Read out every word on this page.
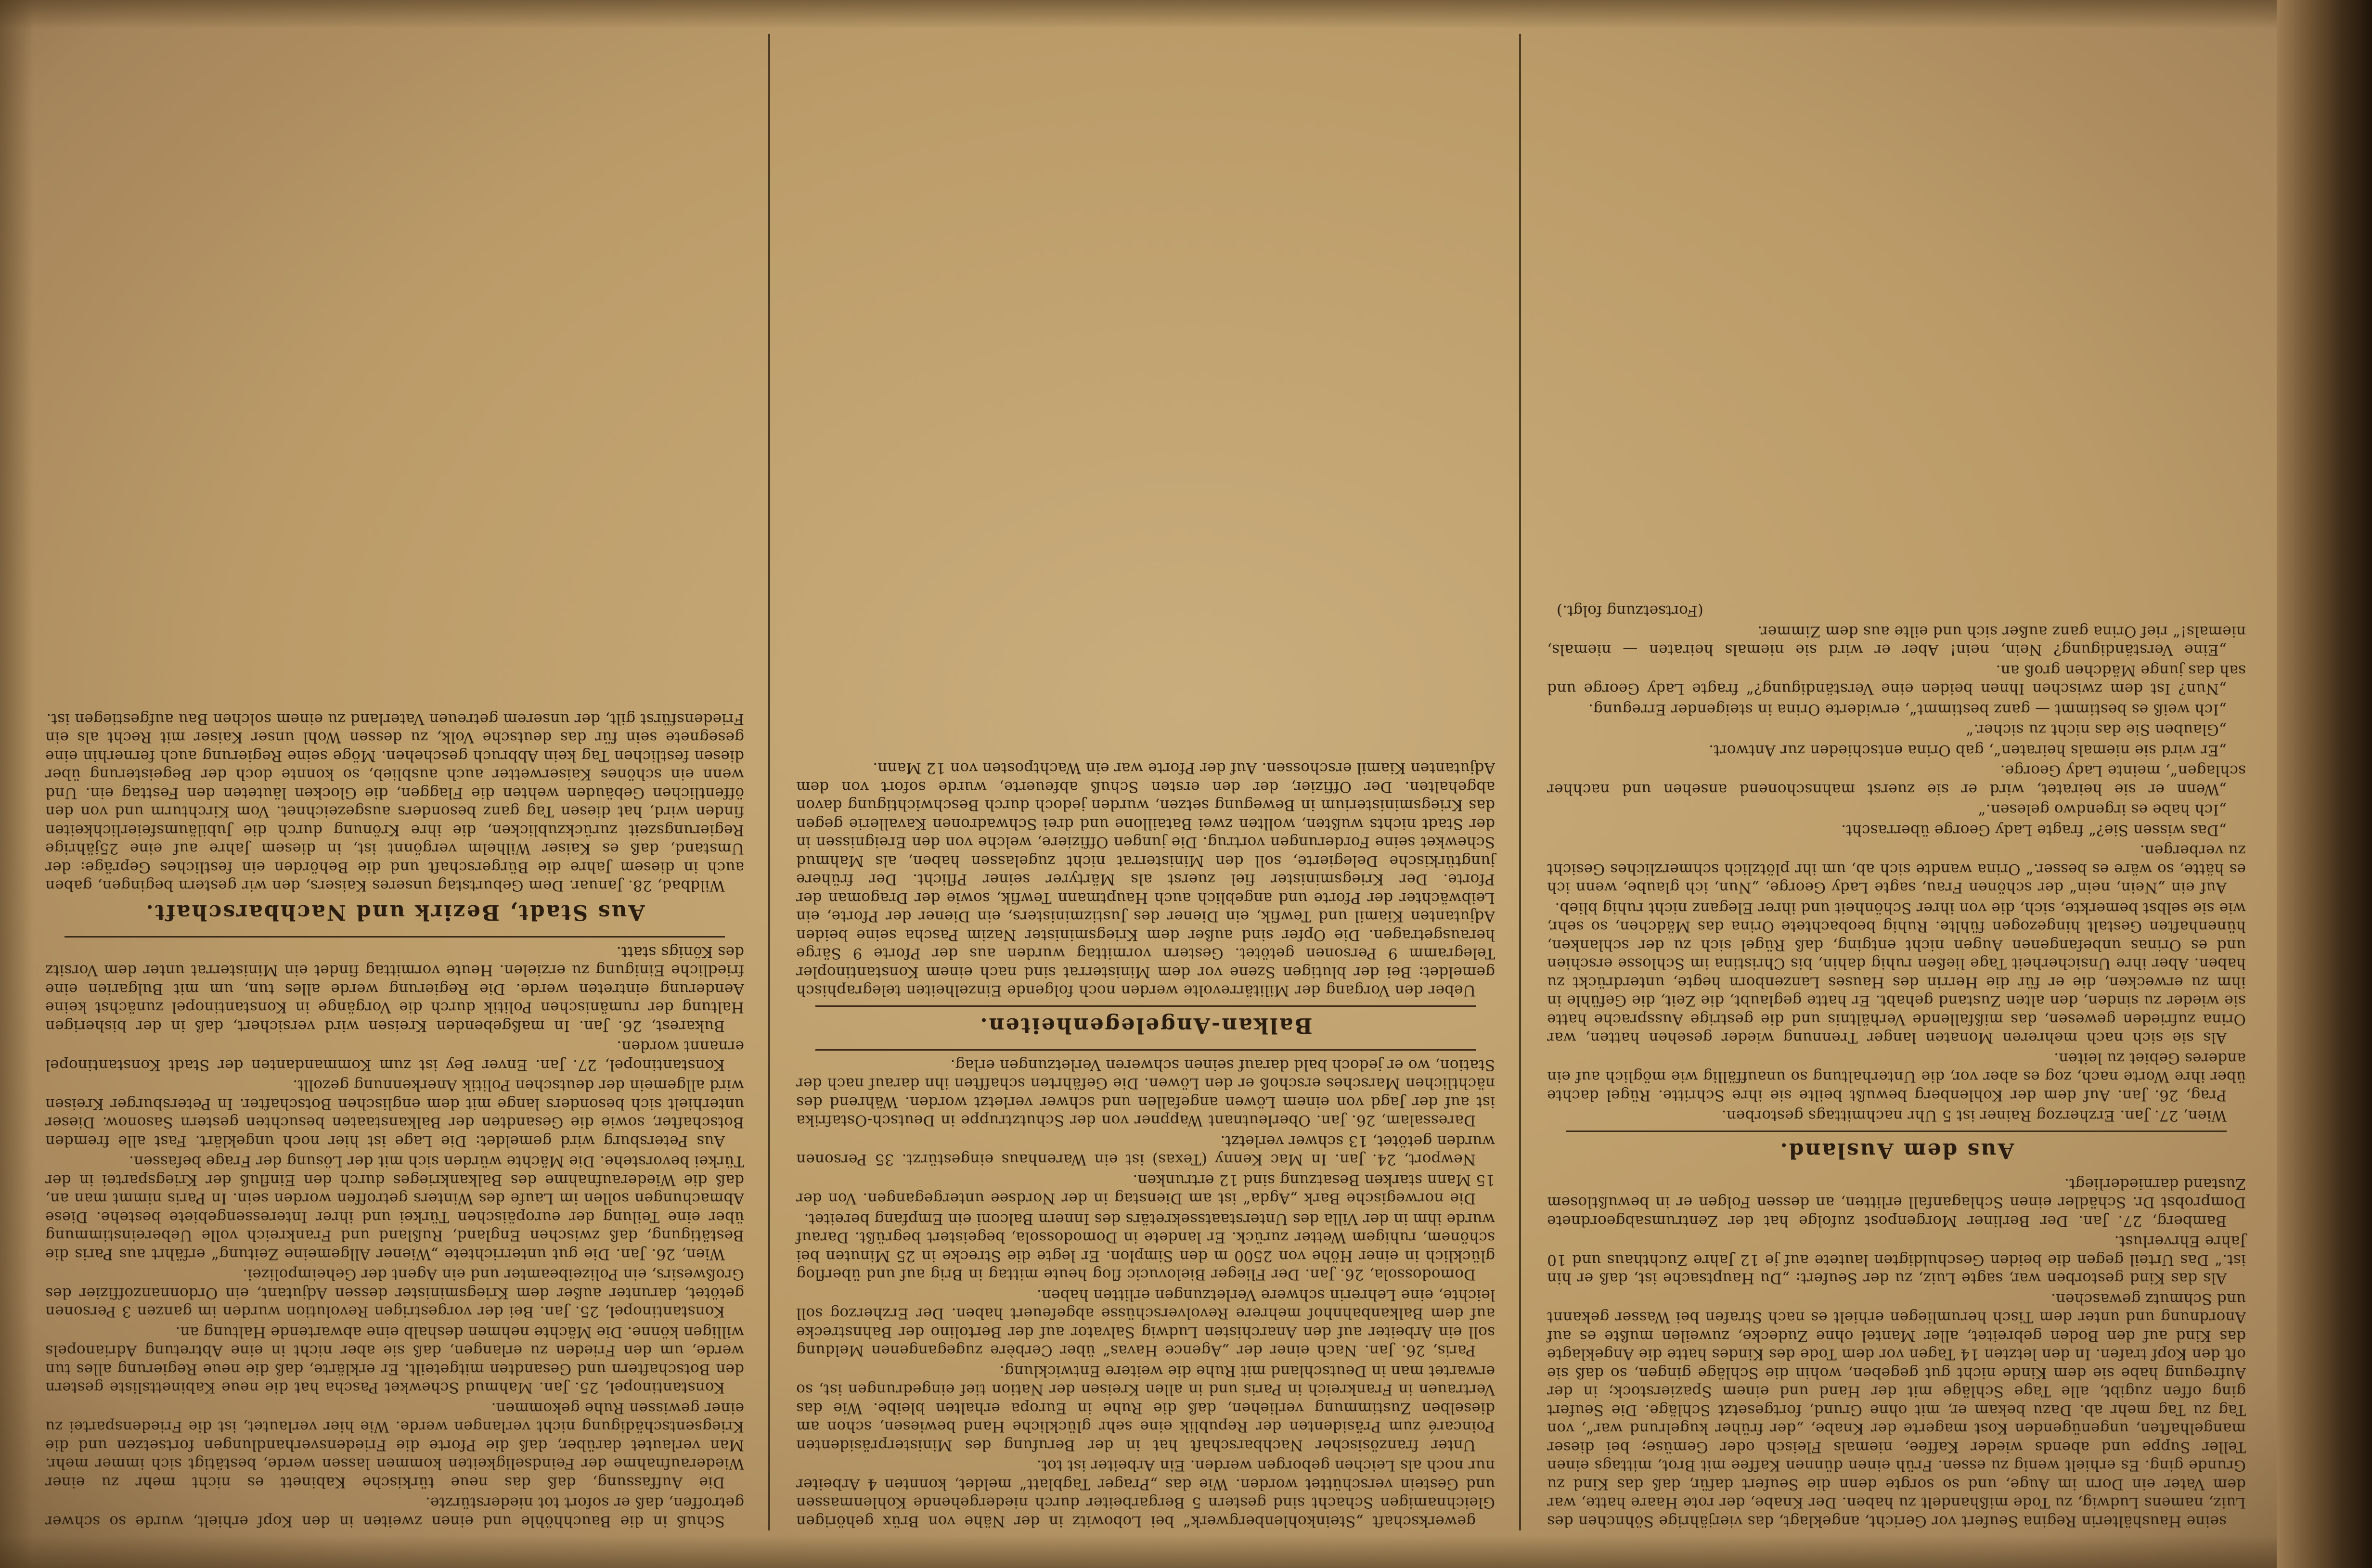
seine Haushälterin Regina Seufert vor Gericht, angeklagt, das vierjährige Söhnchen des Luiz, namens Ludwig, zu Tode mißhandelt zu haben. Der Knabe, der rote Haare hatte, war dem Vater ein Dorn im Auge, und so sorgte denn die Seufert dafür, daß das Kind zu Grunde ging. Es erhielt wenig zu essen. Früh einen dünnen Kaffee mit Brot, mittags einen Teller Suppe und abends wieder Kaffee, niemals Fleisch oder Gemüse; bei dieser mangelhaften, ungenügenden Kost magerte der Knabe, „der früher kugelrund war“, von Tag zu Tag mehr ab. Dazu bekam er, mit ohne Grund, fortgesetzt Schläge. Die Seufert ging offen zugibt, alle Tage Schläge mit der Hand und einem Spazierstock; in der Aufregung habe sie dem Kinde nicht gut gegeben, wohin die Schläge gingen, so daß sie oft den Kopf trafen. In den letzten 14 Tagen vor dem Tode des Kindes hatte die Angeklagte das Kind auf den Boden gebreitet, aller Mantel ohne Zudecke, zuweilen mußte es auf Anordnung und unter dem Tisch herumliegen erhielt es nach Strafen bei Wasser gekannt und Schmutz gewaschen.

Als das Kind gestorben war, sagte Luiz, zu der Seufert: „Du Hauptsache ist, daß er hin ist.“ Das Urteil gegen die beiden Geschuldigten lautete auf je 12 Jahre Zuchthaus und 10 Jahre Ehrverlust.

Bamberg, 27. Jan. Der Berliner Morgenpost zufolge hat der Zentrumsabgeordnete Domprobst Dr. Schädler einen Schlaganfall erlitten, an dessen Folgen er in bewußtlosem Zustand darniederliegt.

Aus dem Ausland.

Wien, 27. Jan. Erzherzog Rainer ist 5 Uhr nachmittags gestorben.

Prag, 26. Jan. Auf dem der Kohlenberg bewußt beilte sie ihre Schritte. Rügel dachte über ihre Worte nach, zog es aber vor, die Unterhaltung so unauffällig wie möglich auf ein anderes Gebiet zu leiten.

Als sie sich nach mehreren Monaten langer Trennung wieder gesehen hatten, war Orina zufrieden gewesen, das mißfallende Verhältnis und die gestrige Aussprache hatte sie wieder zu sinden, den alten Zustand gehabt. Er hatte geglaubt, die Zeit, die Gefühle in ihm zu erwecken, die er für die Herrin des Hauses Lanzenborn hegte, unterdrückt zu haben. Aber ihre Unsicherheit Tage ließen ruhig dahin, bis Christina im Schlosse erschien und es Orinas unbefangenen Augen nicht entging, daß Rügel sich zu der schlanken, hünenhaften Gestalt hingezogen fühlte. Ruhig beobachtete Orina das Mädchen, so sehr, wie sie selbst bemerkte, sich, die von ihrer Schönheit und ihrer Eleganz nicht ruhig blieb.

Auf ein „Nein, nein“ der schönen Frau, sagte Lady George, „Nun, ich glaube, wenn ich es hätte, so wäre es besser.“ Orina wandte sich ab, um ihr plötzlich schmerzliches Gesicht zu verbergen.

„Das wissen Sie?“ fragte Lady George überrascht.

„Ich habe es irgendwo gelesen.“

„Wenn er sie heiratet, wird er sie zuerst mahnschonend ansehen und nachher schlagen“, meinte Lady George.

„Er wird sie niemals heiraten“, gab Orina entschieden zur Antwort.

„Glauben Sie das nicht zu sicher.“

„Ich weiß es bestimmt — ganz bestimmt“, erwiderte Orina in steigender Erregung.

„Nun? Ist dem zwischen Ihnen beiden eine Verständigung?“ fragte Lady George und sah das junge Mädchen groß an.

„Eine Verständigung? Nein, nein! Aber er wird sie niemals heiraten — niemals, niemals!“ rief Orina ganz außer sich und eilte aus dem Zimmer.

(Fortsetzung folgt.)

gewerkschaft „Steinkohlenbergwerk“ bei Lobowitz in der Nähe von Brüx gehörigen Gleichnamigen Schacht sind gestern 5 Bergarbeiter durch niedergehende Kohlenmassen und Gestein verschüttet worden. Wie das „Prager Tagblatt“ meldet, konnten 4 Arbeiter nur noch als Leichen geborgen werden. Ein Arbeiter ist tot.

Unter französischer Nachbarschaft hat in der Berufung des Ministerpräsidenten Poincaré zum Präsidenten der Republik eine sehr glückliche Hand bewiesen, schon am dieselben Zustimmung verliehen, daß die Ruhe in Europa erhalten bleibe. Wie das Vertrauen in Frankreich in Paris und in allen Kreisen der Nation tief eingedrungen ist, so erwartet man in Deutschland mit Ruhe die weitere Entwicklung.

Paris, 26. Jan. Nach einer der „Agence Havas“ über Cerbère zugegangenen Meldung soll ein Arbeiter auf den Anarchisten Ludwig Salvator auf der Bertolino der Bahnstrecke auf dem Balkanbahnhof mehrere Revolverschüsse abgefeuert haben. Der Erzherzog soll leichte, eine Lehrerin schwere Verletzungen erlitten haben.

Domodossola, 26. Jan. Der Flieger Bielovucic flog heute mittag in Brig auf und überflog glücklich in einer Höhe von 2500 m den Simplon. Er legte die Strecke in 25 Minuten bei schönem, ruhigem Wetter zurück. Er landete in Domodossola, begeistert begrüßt. Darauf wurde ihm in der Villa des Unterstaatssekretärs des Innern Balconi ein Empfang bereitet.

Die norwegische Bark „Agda“ ist am Dienstag in der Nordsee untergegangen. Von der 15 Mann starken Besatzung sind 12 ertrunken.

Newport, 24. Jan. In Mac Kenny (Texas) ist ein Warenhaus eingestürzt. 35 Personen wurden getötet, 13 schwer verletzt.

Daressalam, 26. Jan. Oberleutnant Wappner von der Schutztruppe in Deutsch-Ostafrika ist auf der Jagd von einem Löwen angefallen und schwer verletzt worden. Während des nächtlichen Marsches erschoß er den Löwen. Die Gefährten schafften ihn darauf nach der Station, wo er jedoch bald darauf seinen schweren Verletzungen erlag.

Balkan-Angelegenheiten.

Ueber den Vorgang der Militärrevolte werden noch folgende Einzelheiten telegraphisch gemeldet: Bei der blutigen Szene vor dem Ministerrat sind nach einem Konstantinopler Telegramm 9 Personen getötet. Gestern vormittag wurden aus der Pforte 9 Särge herausgetragen. Die Opfer sind außer dem Kriegsminister Nazim Pascha seine beiden Adjutanten Kiamil und Tewfik, ein Diener des Justizministers, ein Diener der Pforte, ein Leibwächter der Pforte und angeblich auch Hauptmann Tewfik, sowie der Dragoman der Pforte. Der Kriegsminister fiel zuerst als Märtyrer seiner Pflicht. Der frühere jungtürkische Delegierte, soll den Ministerrat nicht zugelassen haben, als Mahmud Schewket seine Forderungen vortrug. Die jungen Offiziere, welche von den Ereignissen in der Stadt nichts wußten, wollten zwei Bataillone und drei Schwadronen Kavallerie gegen das Kriegsministerium in Bewegung setzen, wurden jedoch durch Beschwichtigung davon abgehalten. Der Offizier, der den ersten Schuß abfeuerte, wurde sofort von dem Adjutanten Kiamil erschossen. Auf der Pforte war ein Wachtposten von 12 Mann.

Schuß in die Bauchhöhle und einen zweiten in den Kopf erhielt, wurde so schwer getroffen, daß er sofort tot niederstürzte.

Die Auffassung, daß das neue türkische Kabinett es nicht mehr zu einer Wiederaufnahme der Feindseligkeiten kommen lassen werde, bestätigt sich immer mehr. Man verlautet darüber, daß die Pforte die Friedensverhandlungen fortsetzen und die Kriegsentschädigung nicht verlangen werde. Wie hier verlautet, ist die Friedenspartei zu einer gewissen Ruhe gekommen.

Konstantinopel, 25. Jan. Mahmud Schewket Pascha hat die neue Kabinettsliste gestern den Botschaftern und Gesandten mitgeteilt. Er erklärte, daß die neue Regierung alles tun werde, um den Frieden zu erlangen, daß sie aber nicht in eine Abtretung Adrianopels willigen könne. Die Mächte nehmen deshalb eine abwartende Haltung an.

Konstantinopel, 25. Jan. Bei der vorgestrigen Revolution wurden im ganzen 3 Personen getötet, darunter außer dem Kriegsminister dessen Adjutant, ein Ordonnanzoffizier des Großwesirs, ein Polizeibeamter und ein Agent der Geheimpolizei.

Wien, 26. Jan. Die gut unterrichtete „Wiener Allgemeine Zeitung“ erfährt aus Paris die Bestätigung, daß zwischen England, Rußland und Frankreich volle Uebereinstimmung über eine Teilung der europäischen Türkei und ihrer Interessengebiete bestehe. Diese Abmachungen sollen im Laufe des Winters getroffen worden sein. In Paris nimmt man an, daß die Wiederaufnahme des Balkankrieges durch den Einfluß der Kriegspartei in der Türkei bevorstehe. Die Mächte würden sich mit der Lösung der Frage befassen.

Aus Petersburg wird gemeldet: Die Lage ist hier noch ungeklärt. Fast alle fremden Botschafter, sowie die Gesandten der Balkanstaaten besuchten gestern Sasonow. Dieser unterhielt sich besonders lange mit dem englischen Botschafter. In Petersburger Kreisen wird allgemein der deutschen Politik Anerkennung gezollt.

Konstantinopel, 27. Jan. Enver Bey ist zum Kommandanten der Stadt Konstantinopel ernannt worden.

Bukarest, 26. Jan. In maßgebenden Kreisen wird versichert, daß in der bisherigen Haltung der rumänischen Politik durch die Vorgänge in Konstantinopel zunächst keine Aenderung eintreten werde. Die Regierung werde alles tun, um mit Bulgarien eine friedliche Einigung zu erzielen. Heute vormittag findet ein Ministerrat unter dem Vorsitz des Königs statt.

Aus Stadt, Bezirk und Nachbarschaft.

Wildbad, 28. Januar. Dem Geburtstag unseres Kaisers, den wir gestern begingen, gaben auch in diesem Jahre die Bürgerschaft und die Behörden ein festliches Gepräge: der Umstand, daß es Kaiser Wilhelm vergönnt ist, in diesem Jahre auf eine 25jährige Regierungszeit zurückzublicken, die ihre Krönung durch die Jubiläumsfeierlichkeiten finden wird, hat diesen Tag ganz besonders ausgezeichnet. Vom Kirchturm und von den öffentlichen Gebäuden wehten die Flaggen, die Glocken läuteten den Festtag ein. Und wenn ein schönes Kaiserwetter auch ausblieb, so konnte doch der Begeisterung über diesen festlichen Tag kein Abbruch geschehen. Möge seine Regierung auch fernerhin eine gesegnete sein für das deutsche Volk, zu dessen Wohl unser Kaiser mit Recht als ein Friedensfürst gilt, der unserem getreuen Vaterland zu einem solchen Bau aufgestiegen ist.
